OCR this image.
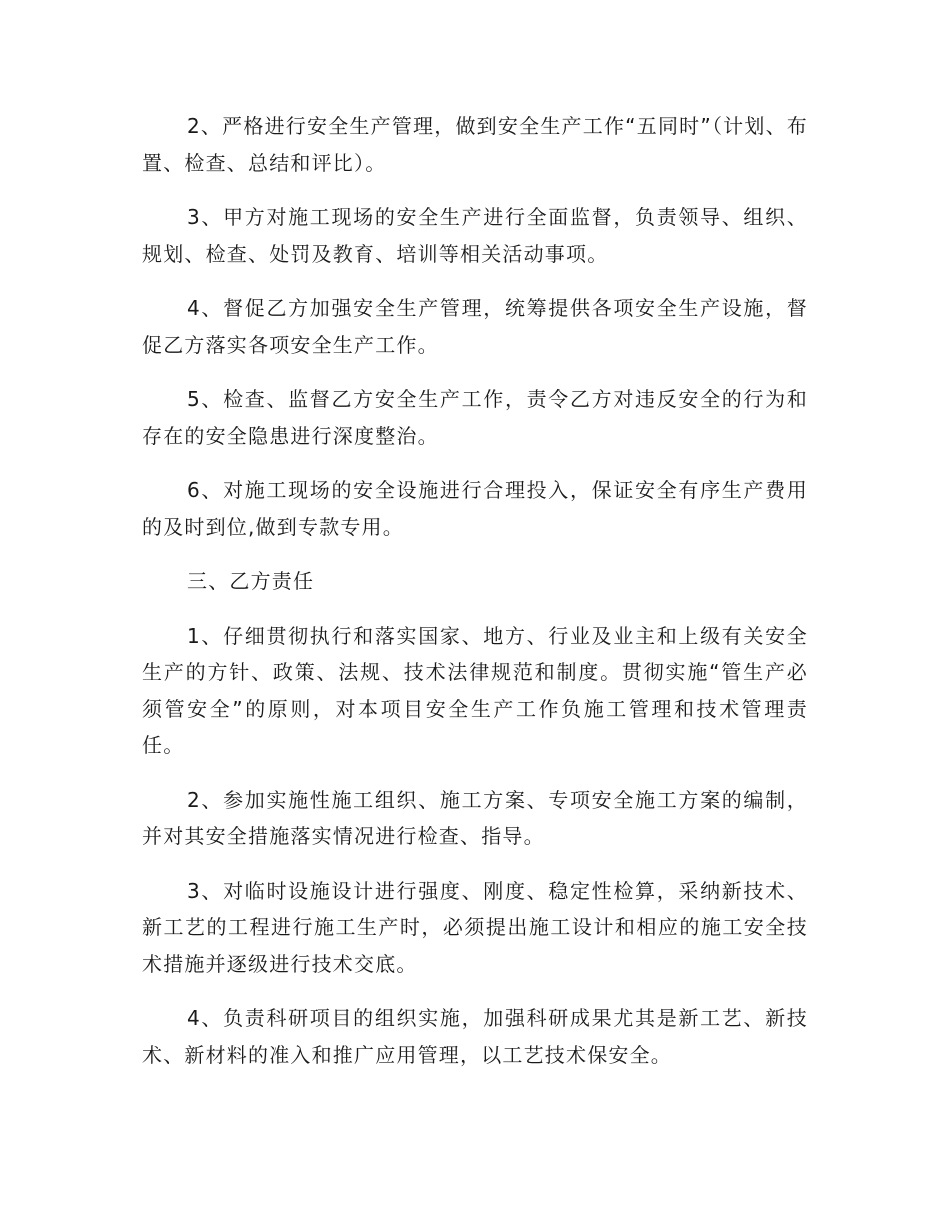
2、严格进行安全生产管理，做到安全生产工作“五同时”（计划、布置、检查、总结和评比）。

3、甲方对施工现场的安全生产进行全面监督，负责领导、组织、规划、检查、处罚及教育、培训等相关活动事项。

4、督促乙方加强安全生产管理，统筹提供各项安全生产设施，督促乙方落实各项安全生产工作。

5、检查、监督乙方安全生产工作，责令乙方对违反安全的行为和存在的安全隐患进行深度整治。

6、对施工现场的安全设施进行合理投入，保证安全有序生产费用的及时到位,做到专款专用。

三、乙方责任

1、仔细贯彻执行和落实国家、地方、行业及业主和上级有关安全生产的方针、政策、法规、技术法律规范和制度。贯彻实施“管生产必须管安全”的原则，对本项目安全生产工作负施工管理和技术管理责任。

2、参加实施性施工组织、施工方案、专项安全施工方案的编制，并对其安全措施落实情况进行检查、指导。

3、对临时设施设计进行强度、刚度、稳定性检算，采纳新技术、新工艺的工程进行施工生产时，必须提出施工设计和相应的施工安全技术措施并逐级进行技术交底。

4、负责科研项目的组织实施，加强科研成果尤其是新工艺、新技术、新材料的准入和推广应用管理，以工艺技术保安全。
